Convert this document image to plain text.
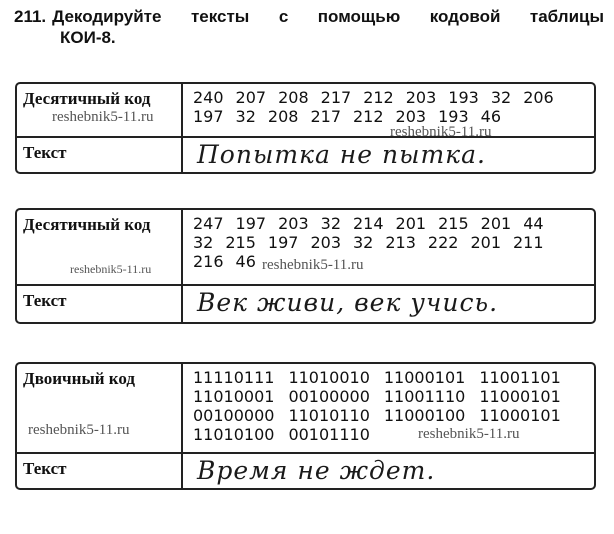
211. Декодируйте тексты с помощью кодовой таблицы
КОИ-8.
Десятичный код	240 207 208 217 212 203 193 32 206
197 32 208 217 212 203 193 46
Текст	Попытка не пытка.
Десятичный код	247 197 203 32 214 201 215 201 44
32 215 197 203 32 213 222 201 211
216 46
Текст	Век живи, век учись.
Двоичный код	11110111 11010010 11000101 11001101
11010001 00100000 11001110 11000101
00100000 11010110 11000100 11000101
11010100 00101110
Текст	Время не ждет.
reshebnik5-11.ru
reshebnik5-11.ru
reshebnik5-11.ru	reshebnik5-11.ru
reshebnik5-11.ru	reshebnik5-11.ru
